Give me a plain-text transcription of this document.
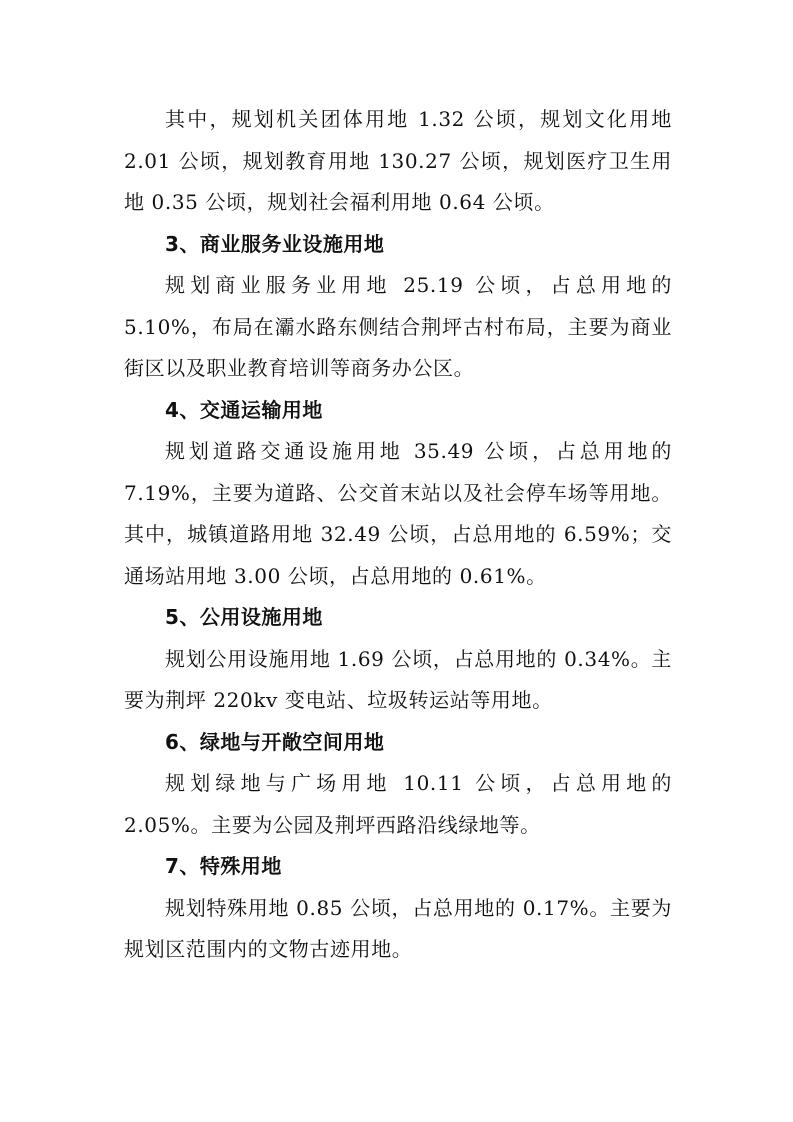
其中，规划机关团体用地 1.32 公顷，规划文化用地 2.01 公顷，规划教育用地 130.27 公顷，规划医疗卫生用地 0.35 公顷，规划社会福利用地 0.64 公顷。

3、商业服务业设施用地

规划商业服务业用地 25.19 公顷，占总用地的 5.10%，布局在灞水路东侧结合荆坪古村布局，主要为商业街区以及职业教育培训等商务办公区。

4、交通运输用地

规划道路交通设施用地 35.49 公顷，占总用地的 7.19%，主要为道路、公交首末站以及社会停车场等用地。其中，城镇道路用地 32.49 公顷，占总用地的 6.59%；交通场站用地 3.00 公顷，占总用地的 0.61%。

5、公用设施用地

规划公用设施用地 1.69 公顷，占总用地的 0.34%。主要为荆坪 220kv 变电站、垃圾转运站等用地。

6、绿地与开敞空间用地

规划绿地与广场用地 10.11 公顷，占总用地的 2.05%。主要为公园及荆坪西路沿线绿地等。

7、特殊用地

规划特殊用地 0.85 公顷，占总用地的 0.17%。主要为规划区范围内的文物古迹用地。
